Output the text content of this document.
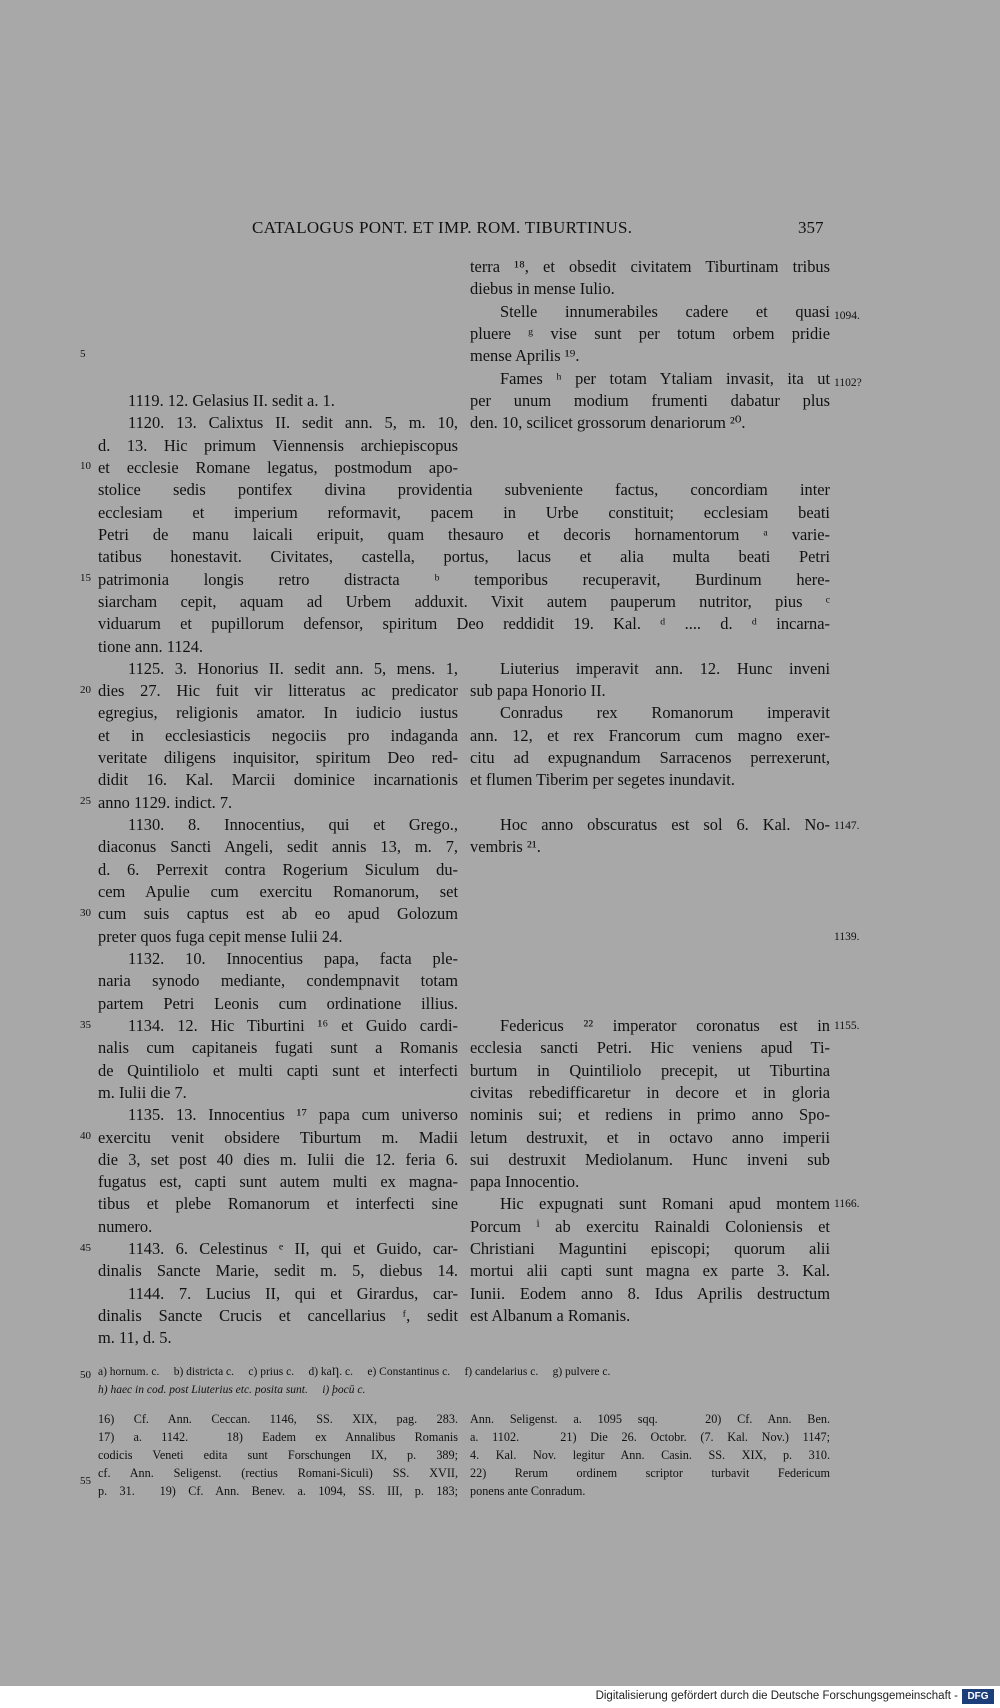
CATALOGUS PONT. ET IMP. ROM. TIBURTINUS.	357
5
10
15
20
25
30
35
40
45
50
55
1094.
1102?
1147.
1139.
1155.
1166.
terra ¹⁸, et obsedit civitatem Tiburtinam tribus
diebus in mense Iulio.
Stelle innumerabiles cadere et quasi
pluere ᵍ vise sunt per totum orbem pridie
mense Aprilis ¹⁹.
Fames ʰ per totam Ytaliam invasit, ita ut
per unum modium frumenti dabatur plus
den. 10, scilicet grossorum denariorum ²⁰.
1119. 12. Gelasius II. sedit a. 1.
1120. 13. Calixtus II. sedit ann. 5, m. 10,
d. 13. Hic primum Viennensis archiepiscopus
et ecclesie Romane legatus, postmodum apo-
stolice sedis pontifex divina providentia subveniente factus, concordiam inter
ecclesiam et imperium reformavit, pacem in Urbe constituit; ecclesiam beati
Petri de manu laicali eripuit, quam thesauro et decoris hornamentorum ᵃ varie-
tatibus honestavit. Civitates, castella, portus, lacus et alia multa beati Petri
patrimonia longis retro distracta ᵇ temporibus recuperavit, Burdinum here-
siarcham cepit, aquam ad Urbem adduxit. Vixit autem pauperum nutritor, pius ᶜ
viduarum et pupillorum defensor, spiritum Deo reddidit 19. Kal. ᵈ .... d. ᵈ incarna-
tione ann. 1124.
1125. 3. Honorius II. sedit ann. 5, mens. 1,
dies 27. Hic fuit vir litteratus ac predicator
egregius, religionis amator. In iudicio iustus
et in ecclesiasticis negociis pro indaganda
veritate diligens inquisitor, spiritum Deo red-
didit 16. Kal. Marcii dominice incarnationis
anno 1129. indict. 7.
1130. 8. Innocentius, qui et Grego.,
diaconus Sancti Angeli, sedit annis 13, m. 7,
d. 6. Perrexit contra Rogerium Siculum du-
cem Apulie cum exercitu Romanorum, set
cum suis captus est ab eo apud Golozum
preter quos fuga cepit mense Iulii 24.
1132. 10. Innocentius papa, facta ple-
naria synodo mediante, condempnavit totam
partem Petri Leonis cum ordinatione illius.
1134. 12. Hic Tiburtini ¹⁶ et Guido cardi-
nalis cum capitaneis fugati sunt a Romanis
de Quintiliolo et multi capti sunt et interfecti
m. Iulii die 7.
1135. 13. Innocentius ¹⁷ papa cum universo
exercitu venit obsidere Tiburtum m. Madii
die 3, set post 40 dies m. Iulii die 12. feria 6.
fugatus est, capti sunt autem multi ex magna-
tibus et plebe Romanorum et interfecti sine
numero.
1143. 6. Celestinus ᵉ II, qui et Guido, car-
dinalis Sancte Marie, sedit m. 5, diebus 14.
1144. 7. Lucius II, qui et Girardus, car-
dinalis Sancte Crucis et cancellarius ᶠ, sedit
m. 11, d. 5.
Liuterius imperavit ann. 12. Hunc inveni
sub papa Honorio II.
Conradus rex Romanorum imperavit
ann. 12, et rex Francorum cum magno exer-
citu ad expugnandum Sarracenos perrexerunt,
et flumen Tiberim per segetes inundavit.
Hoc anno obscuratus est sol 6. Kal. No-
vembris ²¹.
Federicus ²² imperator coronatus est in
ecclesia sancti Petri. Hic veniens apud Ti-
burtum in Quintiliolo precepit, ut Tiburtina
civitas rebedifficaretur in decore et in gloria
nominis sui; et rediens in primo anno Spo-
letum destruxit, et in octavo anno imperii
sui destruxit Mediolanum. Hunc inveni sub
papa Innocentio.
Hic expugnati sunt Romani apud montem
Porcum ⁱ ab exercitu Rainaldi Coloniensis et
Christiani Maguntini episcopi; quorum alii
mortui alii capti sunt magna ex parte 3. Kal.
Iunii. Eodem anno 8. Idus Aprilis destructum
est Albanum a Romanis.
a) hornum. c.     b) districta c.     c) prius c.     d) kaȠ. c.     e) Constantinus c.     f) candelarius c.     g) pulvere c.
h) haec in cod. post Liuterius etc. posita sunt.     i) þocū c.
16) Cf. Ann. Ceccan. 1146, SS. XIX, pag. 283.
17) a. 1142.  18) Eadem ex Annalibus Romanis
codicis Veneti edita sunt Forschungen IX, p. 389;
cf. Ann. Seligenst. (rectius Romani-Siculi) SS. XVII,
p. 31.  19) Cf. Ann. Benev. a. 1094, SS. III, p. 183;
Ann. Seligenst. a. 1095 sqq.   20) Cf. Ann. Ben.
a. 1102.   21) Die 26. Octobr. (7. Kal. Nov.) 1147;
4. Kal. Nov. legitur Ann. Casin. SS. XIX, p. 310.
22) Rerum ordinem scriptor turbavit Federicum
ponens ante Conradum.
Digitalisierung gefördert durch die Deutsche Forschungsgemeinschaft - DFG
